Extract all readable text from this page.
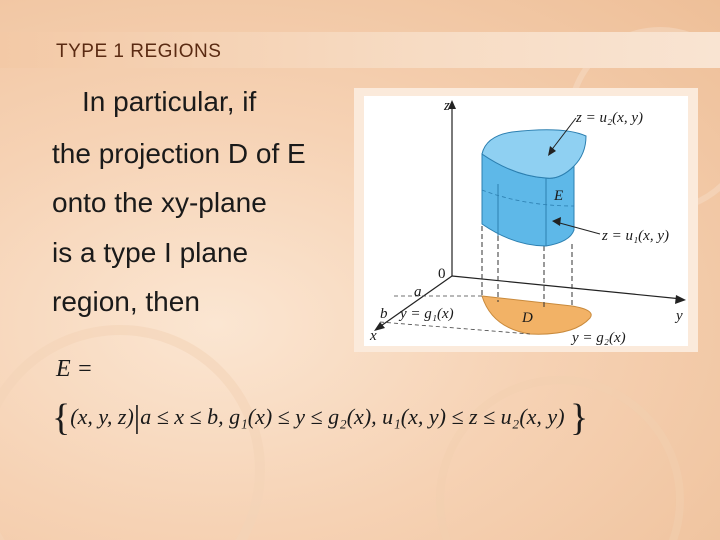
TYPE 1 REGIONS
In particular, if
the projection D of E
onto the xy-plane
is a type I plane
region, then
z
y
x
0
a
b
z = u₂(x, y)
z = u₁(x, y)
E
D
y = g₁(x)
y = g₂(x)
E =
{(x, y, z)|a ≤ x ≤ b, g₁(x) ≤ y ≤ g₂(x), u₁(x, y) ≤ z ≤ u₂(x, y) }
